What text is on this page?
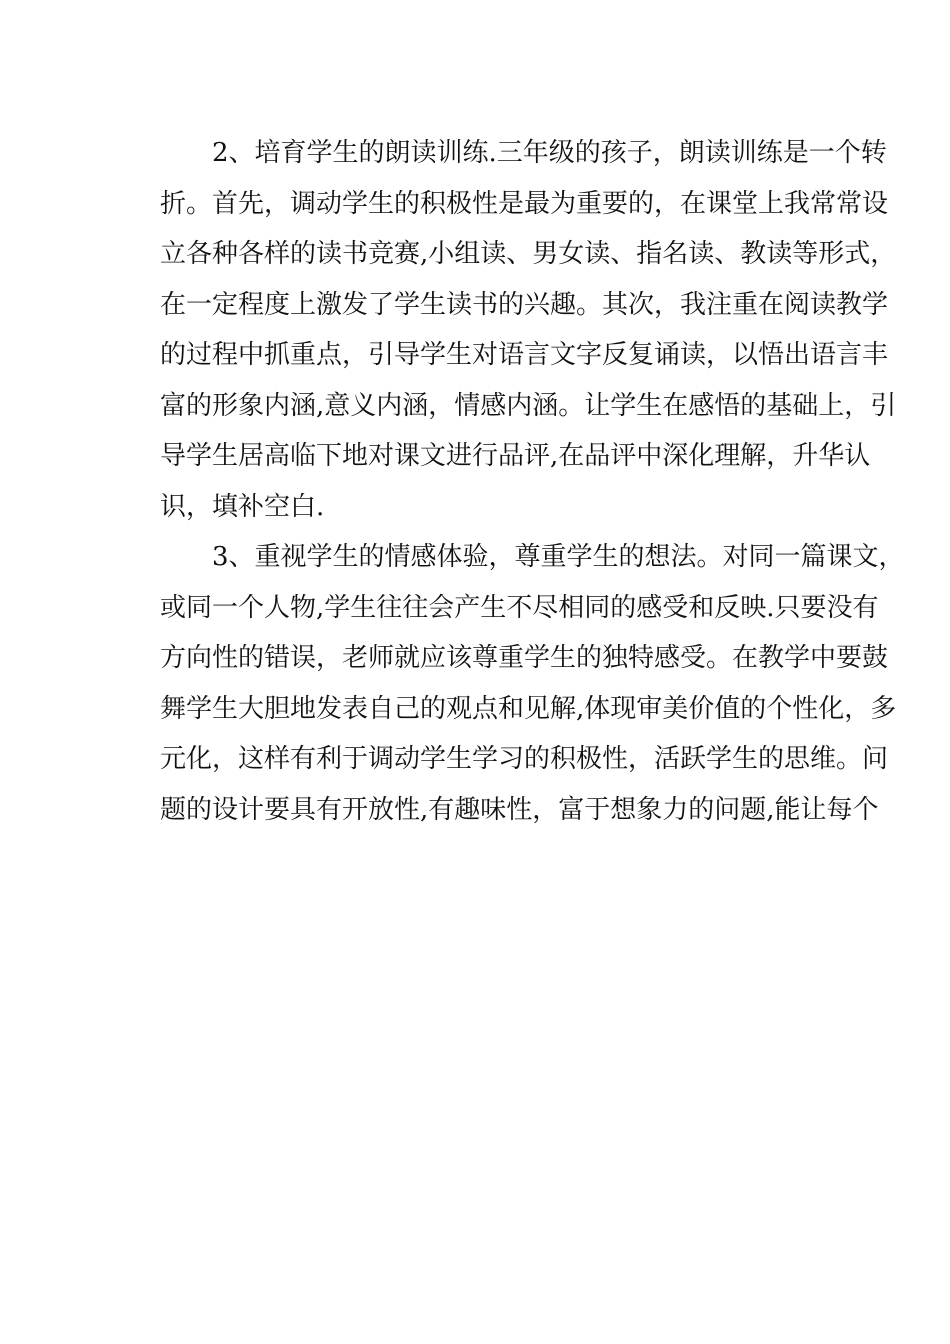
2、培育学生的朗读训练.三年级的孩子，朗读训练是一个转
折。首先，调动学生的积极性是最为重要的，在课堂上我常常设
立各种各样的读书竞赛,小组读、男女读、指名读、教读等形式，
在一定程度上激发了学生读书的兴趣。其次，我注重在阅读教学
的过程中抓重点，引导学生对语言文字反复诵读，以悟出语言丰
富的形象内涵,意义内涵，情感内涵。让学生在感悟的基础上，引
导学生居高临下地对课文进行品评,在品评中深化理解，升华认
识，填补空白.
3、重视学生的情感体验，尊重学生的想法。对同一篇课文，
或同一个人物,学生往往会产生不尽相同的感受和反映.只要没有
方向性的错误，老师就应该尊重学生的独特感受。在教学中要鼓
舞学生大胆地发表自己的观点和见解,体现审美价值的个性化，多
元化，这样有利于调动学生学习的积极性，活跃学生的思维。问
题的设计要具有开放性,有趣味性，富于想象力的问题,能让每个
